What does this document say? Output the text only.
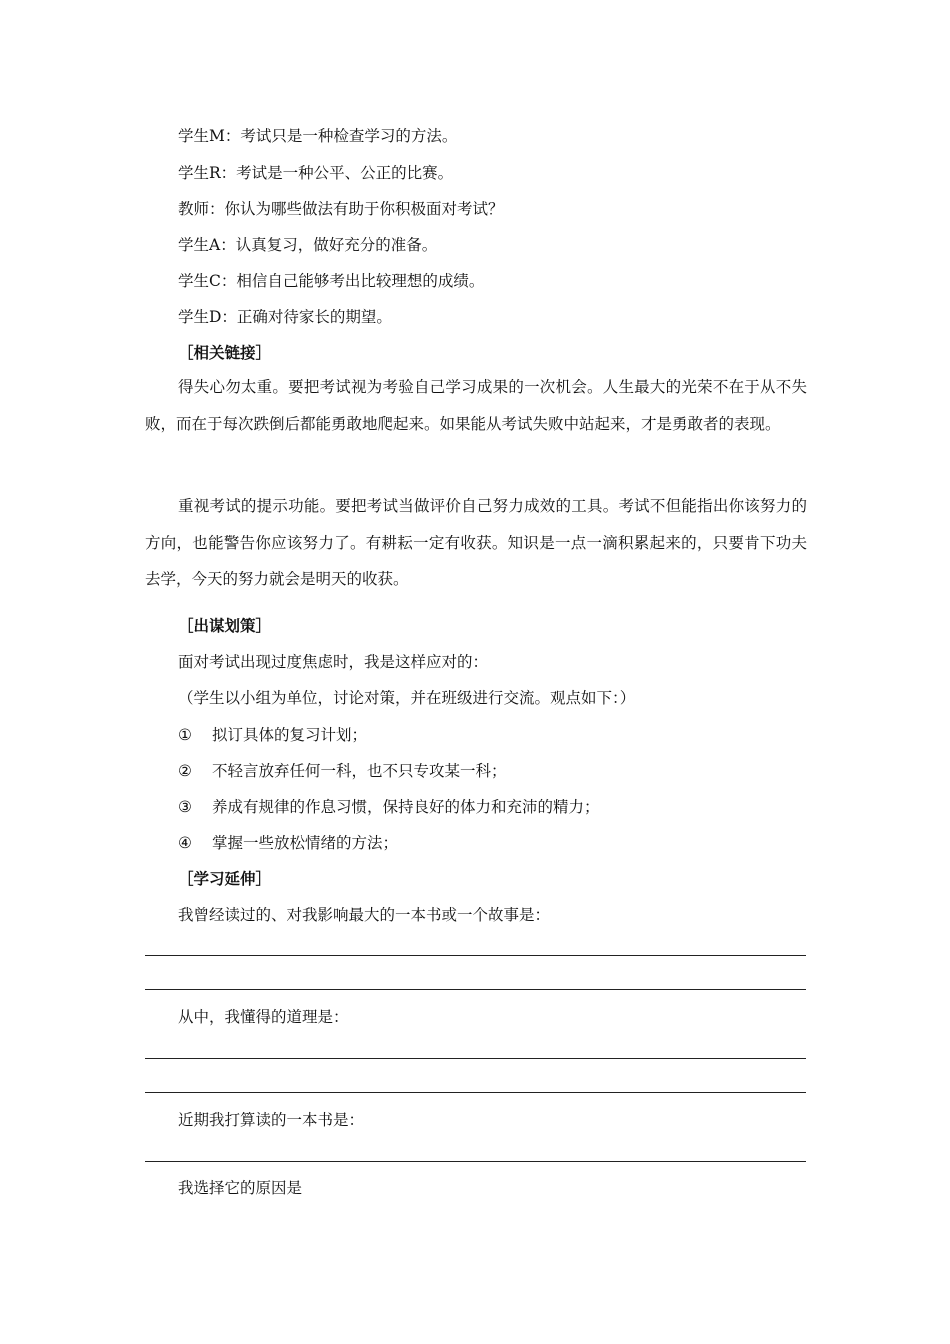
学生M：考试只是一种检查学习的方法。
学生R：考试是一种公平、公正的比赛。
教师：你认为哪些做法有助于你积极面对考试？
学生A：认真复习，做好充分的准备。
学生C：相信自己能够考出比较理想的成绩。
学生D：正确对待家长的期望。
［相关链接］
得失心勿太重。要把考试视为考验自己学习成果的一次机会。人生最大的光荣不在于从不失败，而在于每次跌倒后都能勇敢地爬起来。如果能从考试失败中站起来，才是勇敢者的表现。
重视考试的提示功能。要把考试当做评价自己努力成效的工具。考试不但能指出你该努力的方向，也能警告你应该努力了。有耕耘一定有收获。知识是一点一滴积累起来的，只要肯下功夫去学，今天的努力就会是明天的收获。
［出谋划策］
面对考试出现过度焦虑时，我是这样应对的：
（学生以小组为单位，讨论对策，并在班级进行交流。观点如下：）
① 拟订具体的复习计划；
② 不轻言放弃任何一科，也不只专攻某一科；
③ 养成有规律的作息习惯，保持良好的体力和充沛的精力；
④ 掌握一些放松情绪的方法；
［学习延伸］
我曾经读过的、对我影响最大的一本书或一个故事是：
从中，我懂得的道理是：
近期我打算读的一本书是：
我选择它的原因是
